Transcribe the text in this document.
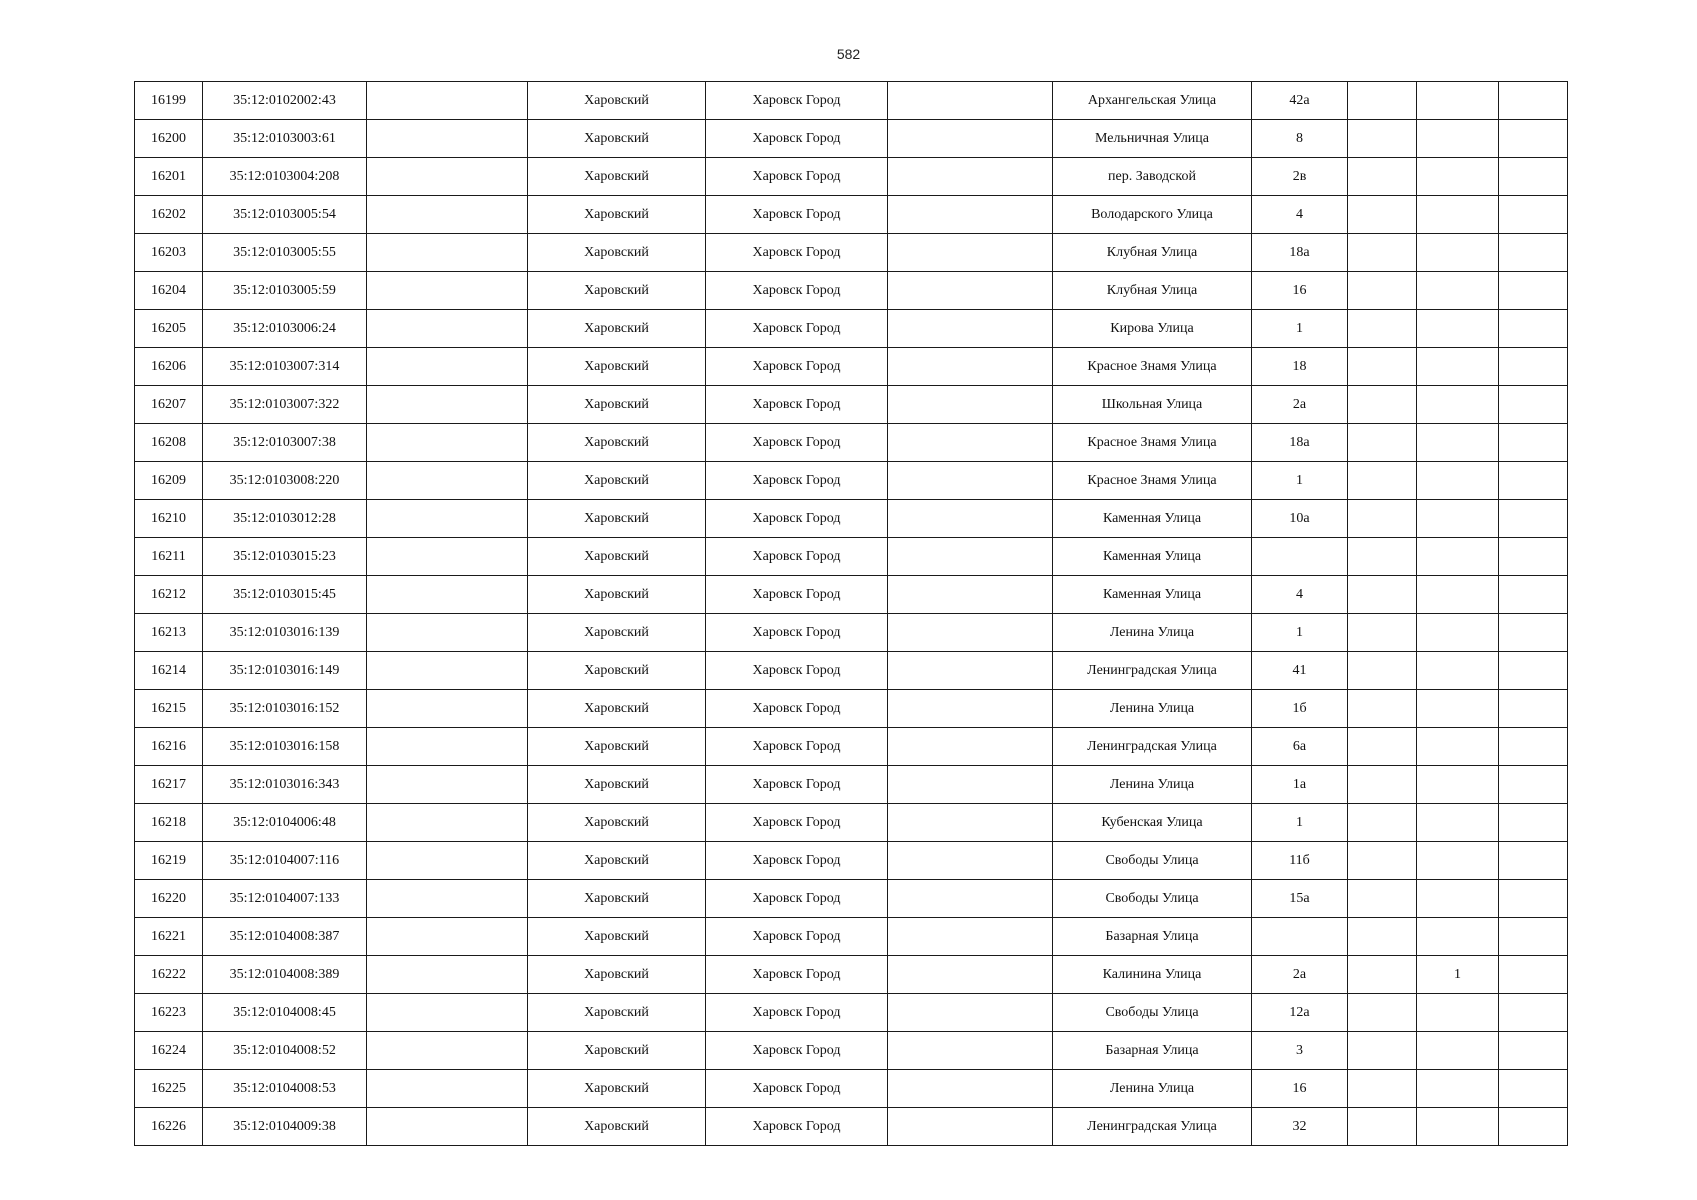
582
16199	35:12:0102002:43		Харовский	Харовск Город		Архангельская Улица	42а			
16200	35:12:0103003:61		Харовский	Харовск Город		Мельничная Улица	8			
16201	35:12:0103004:208		Харовский	Харовск Город		пер. Заводской	2в			
16202	35:12:0103005:54		Харовский	Харовск Город		Володарского Улица	4			
16203	35:12:0103005:55		Харовский	Харовск Город		Клубная Улица	18а			
16204	35:12:0103005:59		Харовский	Харовск Город		Клубная Улица	16			
16205	35:12:0103006:24		Харовский	Харовск Город		Кирова Улица	1			
16206	35:12:0103007:314		Харовский	Харовск Город		Красное Знамя Улица	18			
16207	35:12:0103007:322		Харовский	Харовск Город		Школьная Улица	2а			
16208	35:12:0103007:38		Харовский	Харовск Город		Красное Знамя Улица	18а			
16209	35:12:0103008:220		Харовский	Харовск Город		Красное Знамя Улица	1			
16210	35:12:0103012:28		Харовский	Харовск Город		Каменная Улица	10а			
16211	35:12:0103015:23		Харовский	Харовск Город		Каменная Улица				
16212	35:12:0103015:45		Харовский	Харовск Город		Каменная Улица	4			
16213	35:12:0103016:139		Харовский	Харовск Город		Ленина Улица	1			
16214	35:12:0103016:149		Харовский	Харовск Город		Ленинградская Улица	41			
16215	35:12:0103016:152		Харовский	Харовск Город		Ленина Улица	1б			
16216	35:12:0103016:158		Харовский	Харовск Город		Ленинградская Улица	6а			
16217	35:12:0103016:343		Харовский	Харовск Город		Ленина Улица	1а			
16218	35:12:0104006:48		Харовский	Харовск Город		Кубенская Улица	1			
16219	35:12:0104007:116		Харовский	Харовск Город		Свободы Улица	11б			
16220	35:12:0104007:133		Харовский	Харовск Город		Свободы Улица	15а			
16221	35:12:0104008:387		Харовский	Харовск Город		Базарная Улица				
16222	35:12:0104008:389		Харовский	Харовск Город		Калинина Улица	2а		1	
16223	35:12:0104008:45		Харовский	Харовск Город		Свободы Улица	12а			
16224	35:12:0104008:52		Харовский	Харовск Город		Базарная Улица	3			
16225	35:12:0104008:53		Харовский	Харовск Город		Ленина Улица	16			
16226	35:12:0104009:38		Харовский	Харовск Город		Ленинградская Улица	32			
